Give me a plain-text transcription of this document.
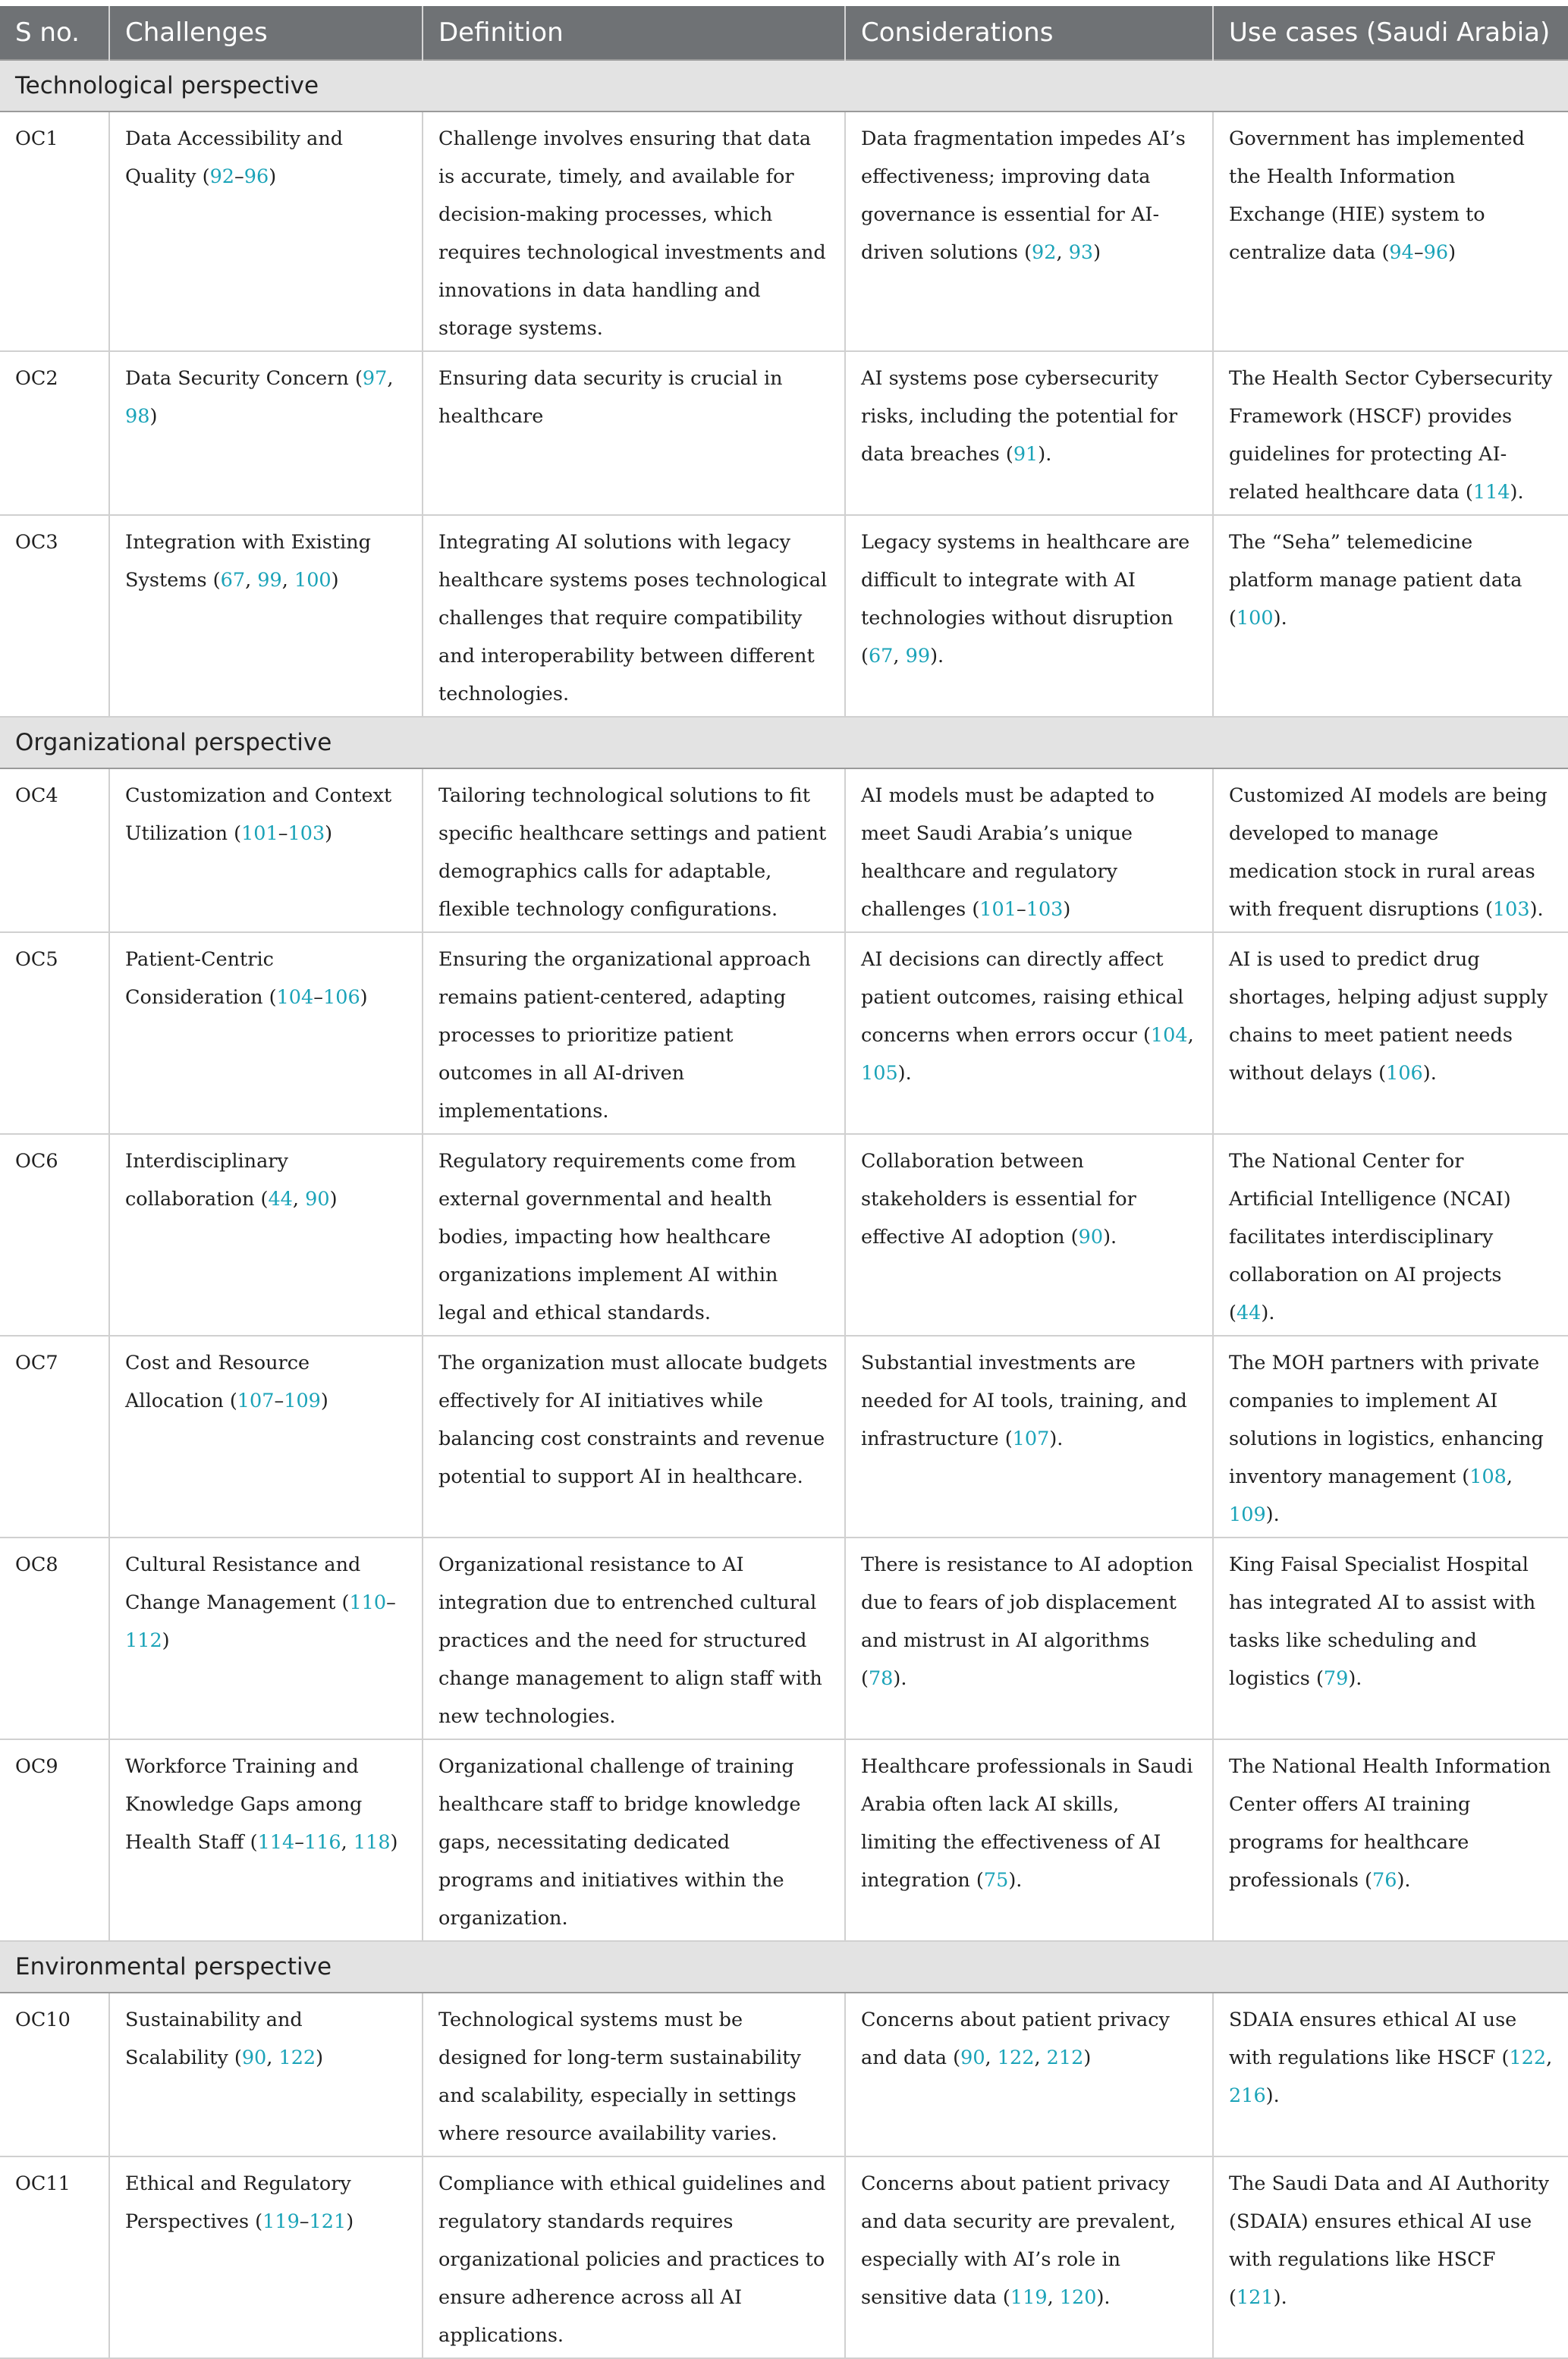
S no.	Challenges	Definition	Considerations	Use cases (Saudi Arabia)
Technological perspective				
OC1	Data Accessibility and Quality (92–96)	Challenge involves ensuring that data is accurate, timely, and available for decision-making processes, which requires technological investments and innovations in data handling and storage systems.	Data fragmentation impedes AI’s effectiveness; improving data governance is essential for AI-driven solutions (92, 93)	Government has implemented the Health Information Exchange (HIE) system to centralize data (94–96)
OC2	Data Security Concern (97, 98)	Ensuring data security is crucial in healthcare	AI systems pose cybersecurity risks, including the potential for data breaches (91).	The Health Sector Cybersecurity Framework (HSCF) provides guidelines for protecting AI-related healthcare data (114).
OC3	Integration with Existing Systems (67, 99, 100)	Integrating AI solutions with legacy healthcare systems poses technological challenges that require compatibility and interoperability between different technologies.	Legacy systems in healthcare are difficult to integrate with AI technologies without disruption (67, 99).	The “Seha” telemedicine platform manage patient data (100).
Organizational perspective				
OC4	Customization and Context Utilization (101–103)	Tailoring technological solutions to fit specific healthcare settings and patient demographics calls for adaptable, flexible technology configurations.	AI models must be adapted to meet Saudi Arabia’s unique healthcare and regulatory challenges (101–103)	Customized AI models are being developed to manage medication stock in rural areas with frequent disruptions (103).
OC5	Patient-Centric Consideration (104–106)	Ensuring the organizational approach remains patient-centered, adapting processes to prioritize patient outcomes in all AI-driven implementations.	AI decisions can directly affect patient outcomes, raising ethical concerns when errors occur (104, 105).	AI is used to predict drug shortages, helping adjust supply chains to meet patient needs without delays (106).
OC6	Interdisciplinary collaboration (44, 90)	Regulatory requirements come from external governmental and health bodies, impacting how healthcare organizations implement AI within legal and ethical standards.	Collaboration between stakeholders is essential for effective AI adoption (90).	The National Center for Artificial Intelligence (NCAI) facilitates interdisciplinary collaboration on AI projects (44).
OC7	Cost and Resource Allocation (107–109)	The organization must allocate budgets effectively for AI initiatives while balancing cost constraints and revenue potential to support AI in healthcare.	Substantial investments are needed for AI tools, training, and infrastructure (107).	The MOH partners with private companies to implement AI solutions in logistics, enhancing inventory management (108, 109).
OC8	Cultural Resistance and Change Management (110–112)	Organizational resistance to AI integration due to entrenched cultural practices and the need for structured change management to align staff with new technologies.	There is resistance to AI adoption due to fears of job displacement and mistrust in AI algorithms (78).	King Faisal Specialist Hospital has integrated AI to assist with tasks like scheduling and logistics (79).
OC9	Workforce Training and Knowledge Gaps among Health Staff (114–116, 118)	Organizational challenge of training healthcare staff to bridge knowledge gaps, necessitating dedicated programs and initiatives within the organization.	Healthcare professionals in Saudi Arabia often lack AI skills, limiting the effectiveness of AI integration (75).	The National Health Information Center offers AI training programs for healthcare professionals (76).
Environmental perspective				
OC10	Sustainability and Scalability (90, 122)	Technological systems must be designed for long-term sustainability and scalability, especially in settings where resource availability varies.	Concerns about patient privacy and data (90, 122, 212)	SDAIA ensures ethical AI use with regulations like HSCF (122, 216).
OC11	Ethical and Regulatory Perspectives (119–121)	Compliance with ethical guidelines and regulatory standards requires organizational policies and practices to ensure adherence across all AI applications.	Concerns about patient privacy and data security are prevalent, especially with AI’s role in sensitive data (119, 120).	The Saudi Data and AI Authority (SDAIA) ensures ethical AI use with regulations like HSCF (121).
